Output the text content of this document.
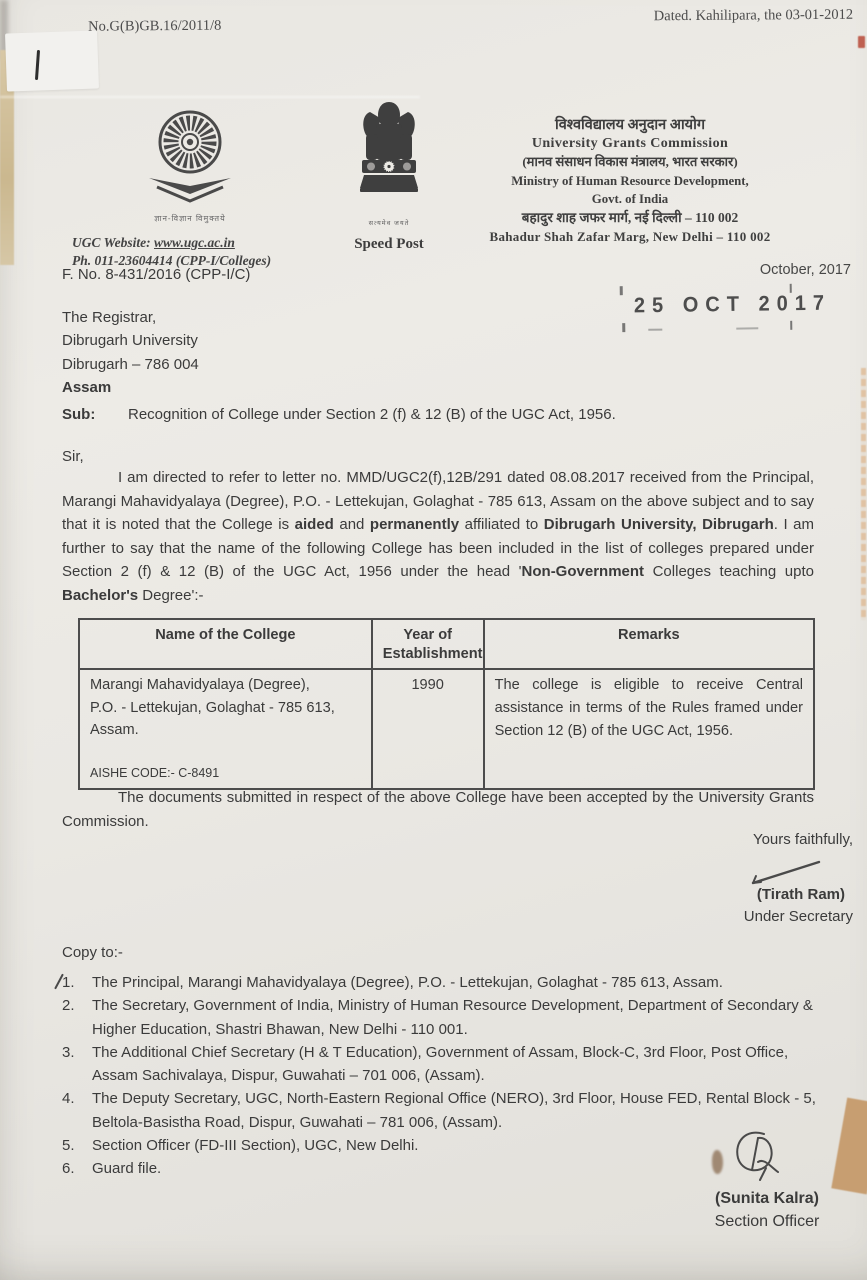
No.G(B)GB.16/2011/8
Dated. Kahilipara, the 03-01-2012
ज्ञान-विज्ञान विमुक्तये
UGC Website: www.ugc.ac.in
Ph. 011-23604414 (CPP-I/Colleges)
सत्यमेव जयते
Speed Post
विश्वविद्यालय अनुदान आयोग
University Grants Commission
(मानव संसाधन विकास मंत्रालय, भारत सरकार)
Ministry of Human Resource Development,
Govt. of India
बहादुर शाह जफर मार्ग, नई दिल्ली – 110 002
Bahadur Shah Zafar Marg, New Delhi – 110 002
F. No. 8-431/2016 (CPP-I/C)	October, 2017
25 OCT 2017
The Registrar,
Dibrugarh University
Dibrugarh – 786 004
Assam
Sub: Recognition of College under Section 2 (f) & 12 (B) of the UGC Act, 1956.
Sir,
I am directed to refer to letter no. MMD/UGC2(f),12B/291 dated 08.08.2017 received from the Principal, Marangi Mahavidyalaya (Degree), P.O. - Lettekujan, Golaghat - 785 613, Assam on the above subject and to say that it is noted that the College is aided and permanently affiliated to Dibrugarh University, Dibrugarh. I am further to say that the name of the following College has been included in the list of colleges prepared under Section 2 (f) & 12 (B) of the UGC Act, 1956 under the head 'Non-Government Colleges teaching upto Bachelor's Degree':-
Name of the College	Year of Establishment	Remarks

Marangi Mahavidyalaya (Degree),
P.O. - Lettekujan, Golaghat - 785 613,
Assam.
AISHE CODE:- C-8491	1990	The college is eligible to receive Central assistance in terms of the Rules framed under Section 12 (B) of the UGC Act, 1956.
The documents submitted in respect of the above College have been accepted by the University Grants Commission.
Yours faithfully,
(Tirath Ram)
Under Secretary
Copy to:-
1.	The Principal, Marangi Mahavidyalaya (Degree), P.O. - Lettekujan, Golaghat - 785 613, Assam.
2.	The Secretary, Government of India, Ministry of Human Resource Development, Department of Secondary & Higher Education, Shastri Bhawan, New Delhi - 110 001.
3.	The Additional Chief Secretary (H & T Education), Government of Assam, Block-C, 3rd Floor, Post Office, Assam Sachivalaya, Dispur, Guwahati – 701 006, (Assam).
4.	The Deputy Secretary, UGC, North-Eastern Regional Office (NERO), 3rd Floor, House FED, Rental Block - 5, Beltola-Basistha Road, Dispur, Guwahati – 781 006, (Assam).
5.	Section Officer (FD-III Section), UGC, New Delhi.
6.	Guard file.
(Sunita Kalra)
Section Officer
